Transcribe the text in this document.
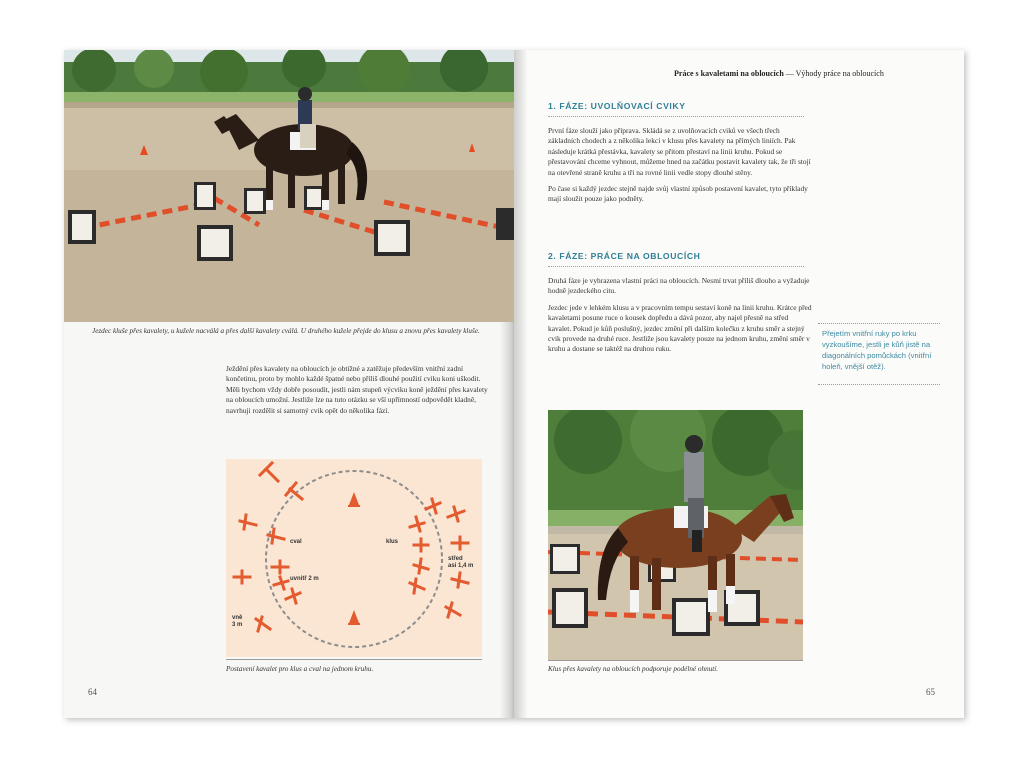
Jezdec kluše přes kavalety, u kužele nacválá a přes další kavalety cválá. U druhého kužele přejde do klusu a znovu přes kavalety kluše.

Ježdění přes kavalety na obloucích je obtížné a zatěžuje především vnitřní zadní končetinu, proto by mohlo každé špatné nebo příliš dlouhé použití cviku koni uškodit. Měli bychom vždy dobře posoudit, jestli nám stupeň výcviku koně ježdění přes kavalety na obloucích umožní. Jestliže lze na tuto otázku se vší upřímností odpovědět kladně, navrhuji rozdělit si samotný cvik opět do několika fází.

cval	klus
uvnitř 2 m
střed
asi 1,4 m
vně
3 m
Postavení kavalet pro klus a cval na jednom kruhu.
64
Práce s kavaletami na obloucích — Výhody práce na obloucích
1. FÁZE: UVOLŇOVACÍ CVIKY

První fáze slouží jako příprava. Skládá se z uvolňovacích cviků ve všech třech základních chodech a z několika lekcí v klusu přes kavalety na přímých liniích. Pak následuje krátká přestávka, kavalety se přitom přestaví na linii kruhu. Pokud se přestavování chceme vyhnout, můžeme hned na začátku postavit kavalety tak, že tři stojí na otevřené straně kruhu a tři na rovné linii vedle stopy dlouhé stěny.

Po čase si každý jezdec stejně najde svůj vlastní způsob postavení kavalet, tyto příklady mají sloužit pouze jako podněty.

2. FÁZE: PRÁCE NA OBLOUCÍCH

Druhá fáze je vyhrazena vlastní práci na obloucích. Nesmí trvat příliš dlouho a vyžaduje hodně jezdeckého citu.

Jezdec jede v lehkém klusu a v pracovním tempu sestaví koně na linii kruhu. Krátce před kavaletami posune ruce o kousek dopředu a dává pozor, aby najel přesně na střed kavalet. Pokud je kůň poslušný, jezdec změní při dalším kolečku z kruhu směr a stejný cvik provede na druhé ruce. Jestliže jsou kavalety pouze na jednom kruhu, změní směr v kruhu a dostane se taktéž na druhou ruku.

Přejetím vnitřní ruky po krku vyzkoušíme, jestli je kůň jistě na diagonálních pomůckách (vnitřní holeň, vnější otěž).
Klus přes kavalety na obloucích podporuje podélné ohnutí.
65
